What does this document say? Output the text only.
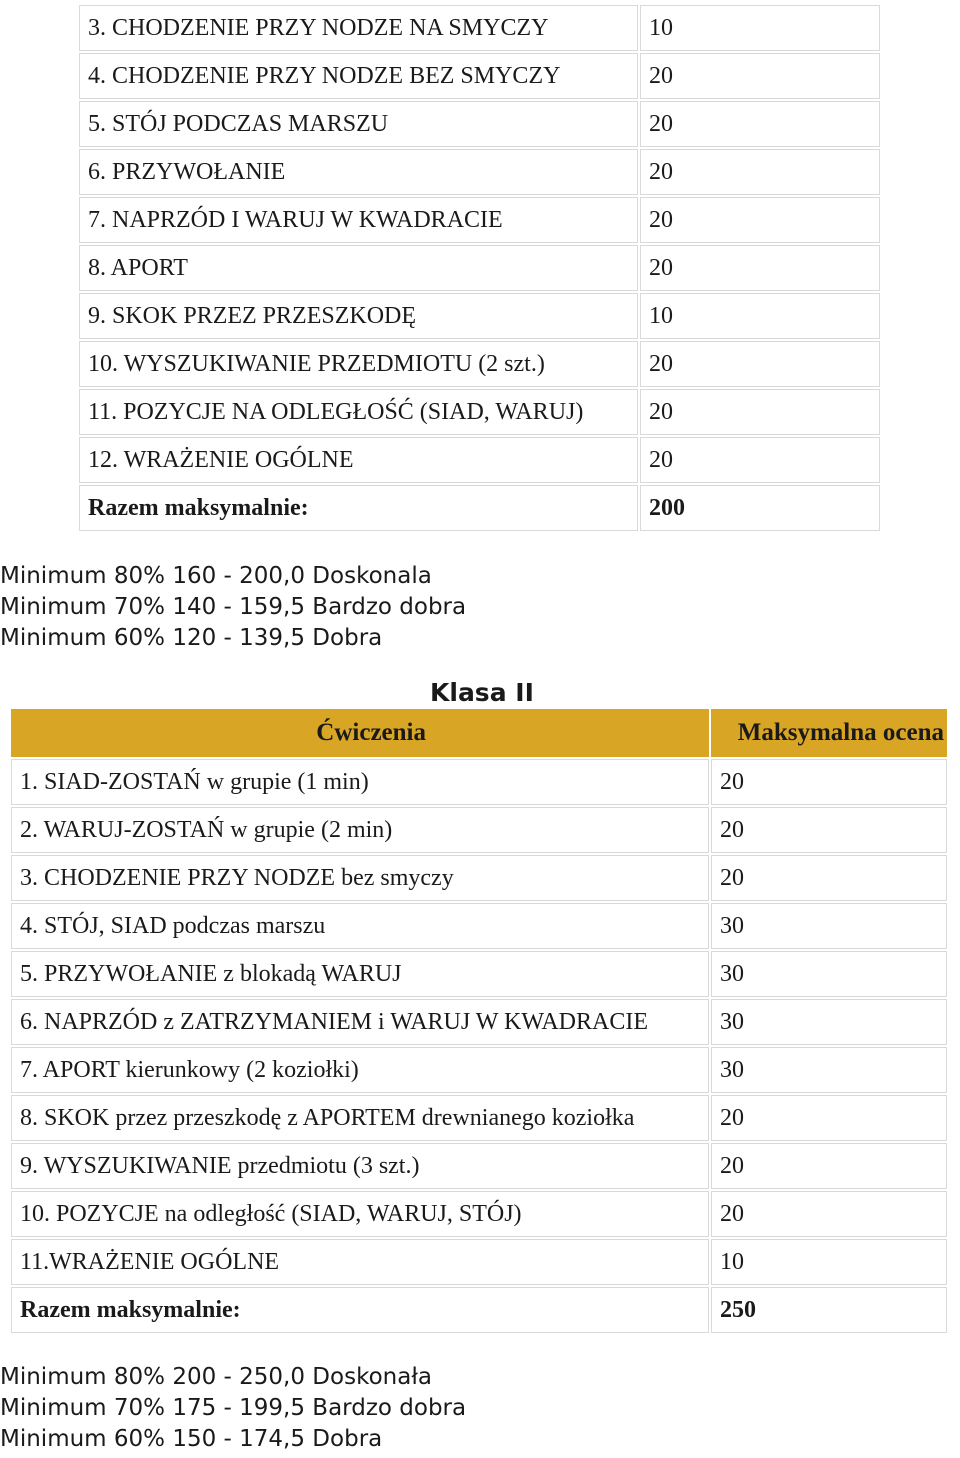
3. CHODZENIE PRZY NODZE NA SMYCZY	10
4. CHODZENIE PRZY NODZE BEZ SMYCZY	20
5. STÓJ PODCZAS MARSZU	20
6. PRZYWOŁANIE	20
7. NAPRZÓD I WARUJ W KWADRACIE	20
8. APORT	20
9. SKOK PRZEZ PRZESZKODĘ	10
10. WYSZUKIWANIE PRZEDMIOTU (2 szt.)	20
11. POZYCJE NA ODLEGŁOŚĆ (SIAD, WARUJ)	20
12. WRAŻENIE OGÓLNE	20
Razem maksymalnie:	200
Minimum 80% 160 - 200,0 Doskonala
Minimum 70% 140 - 159,5 Bardzo dobra
Minimum 60% 120 - 139,5 Dobra
Klasa II
Ćwiczenia	Maksymalna ocena
1. SIAD-ZOSTAŃ w grupie (1 min)	20
2. WARUJ-ZOSTAŃ w grupie (2 min)	20
3. CHODZENIE PRZY NODZE bez smyczy	20
4. STÓJ, SIAD podczas marszu	30
5. PRZYWOŁANIE z blokadą WARUJ	30
6. NAPRZÓD z ZATRZYMANIEM i WARUJ W KWADRACIE	30
7. APORT kierunkowy (2 koziołki)	30
8. SKOK przez przeszkodę z APORTEM drewnianego koziołka	20
9. WYSZUKIWANIE przedmiotu (3 szt.)	20
10. POZYCJE na odległość (SIAD, WARUJ, STÓJ)	20
11.WRAŻENIE OGÓLNE	10
Razem maksymalnie:	250
Minimum 80% 200 - 250,0 Doskonała
Minimum 70% 175 - 199,5 Bardzo dobra
Minimum 60% 150 - 174,5 Dobra
